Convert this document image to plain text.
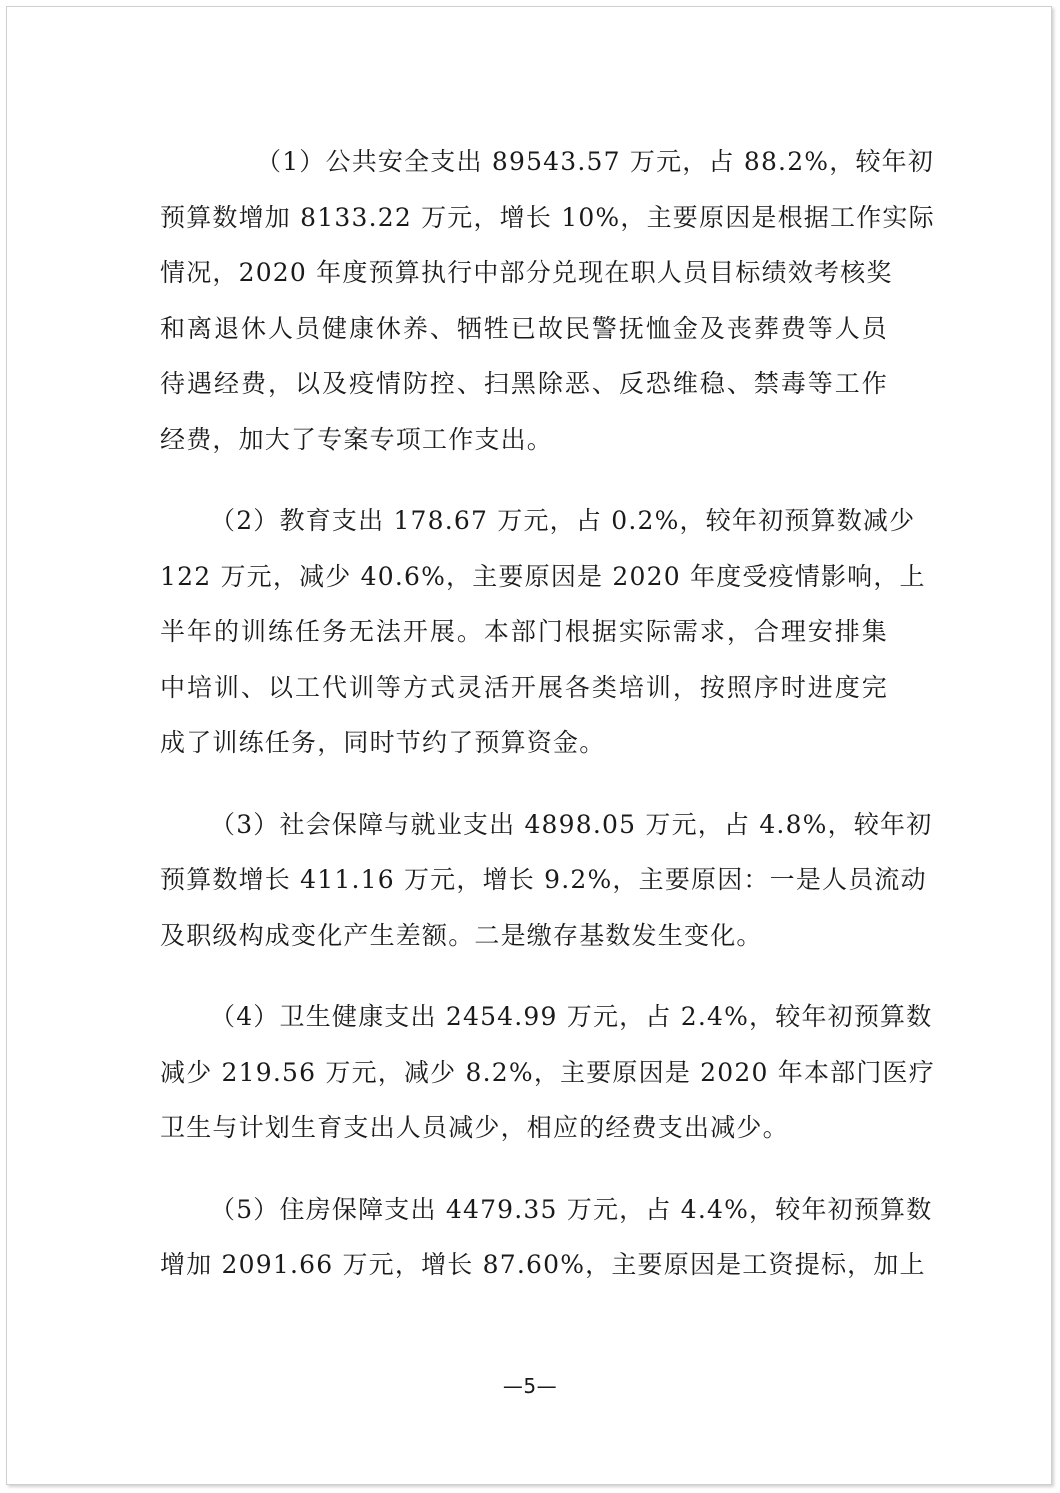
（1）公共安全支出 89543.57 万元，占 88.2%，较年初
预算数增加 8133.22 万元，增长 10%，主要原因是根据工作实际
情况，2020 年度预算执行中部分兑现在职人员目标绩效考核奖
和离退休人员健康休养、牺牲已故民警抚恤金及丧葬费等人员
待遇经费，以及疫情防控、扫黑除恶、反恐维稳、禁毒等工作
经费，加大了专案专项工作支出。
（2）教育支出 178.67 万元，占 0.2%，较年初预算数减少
122 万元，减少 40.6%，主要原因是 2020 年度受疫情影响，上
半年的训练任务无法开展。本部门根据实际需求，合理安排集
中培训、以工代训等方式灵活开展各类培训，按照序时进度完
成了训练任务，同时节约了预算资金。
（3）社会保障与就业支出 4898.05 万元，占 4.8%，较年初
预算数增长 411.16 万元，增长 9.2%，主要原因：一是人员流动
及职级构成变化产生差额。二是缴存基数发生变化。
（4）卫生健康支出 2454.99 万元，占 2.4%，较年初预算数
减少 219.56 万元，减少 8.2%，主要原因是 2020 年本部门医疗
卫生与计划生育支出人员减少，相应的经费支出减少。
（5）住房保障支出 4479.35 万元，占 4.4%，较年初预算数
增加 2091.66 万元，增长 87.60%，主要原因是工资提标，加上
—5—
